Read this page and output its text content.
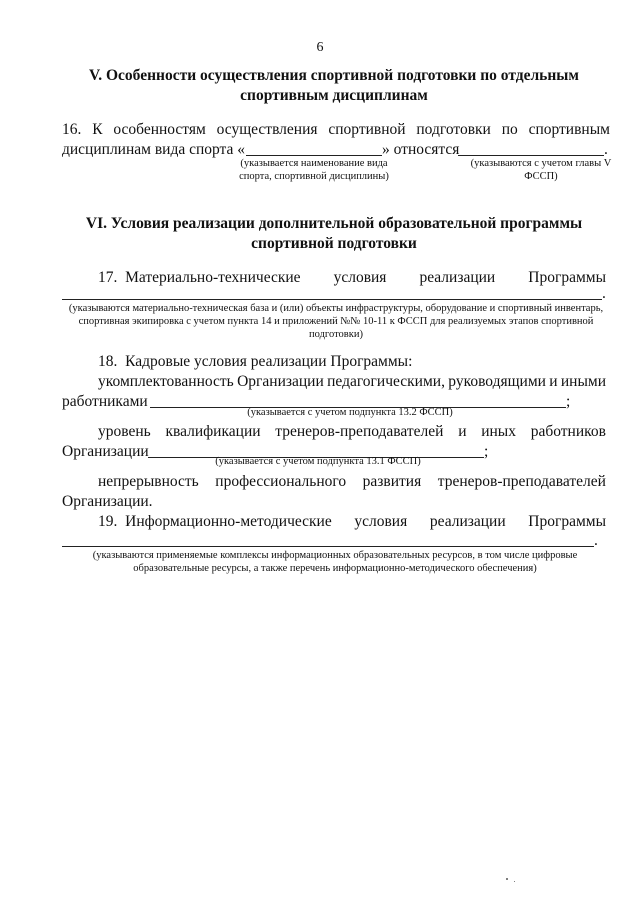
6
V. Особенности осуществления спортивной подготовки по отдельным
спортивным дисциплинам
16. К особенностям осуществления спортивной подготовки по спортивным
дисциплинам вида спорта «	» относятся	.
(указывается наименование вида спорта, спортивной дисциплины)
(указываются с учетом главы V ФССП)
VI. Условия реализации дополнительной образовательной программы
спортивной подготовки
17. Материально-технические условия реализации Программы
.
(указываются материально-техническая база и (или) объекты инфраструктуры, оборудование и спортивный инвентарь, спортивная экипировка с учетом пункта 14 и приложений №№ 10-11 к ФССП для реализуемых этапов спортивной подготовки)
18. Кадровые условия реализации Программы:
укомплектованность Организации педагогическими, руководящими и иными
работниками	;
(указывается с учетом подпункта 13.2 ФССП)
уровень квалификации тренеров-преподавателей и иных работников
Организации	;
(указывается с учетом подпункта 13.1 ФССП)
непрерывность профессионального развития тренеров-преподавателей
Организации.
19. Информационно-методические условия реализации Программы
.
(указываются применяемые комплексы информационных образовательных ресурсов, в том числе цифровые образовательные ресурсы, а также перечень информационно-методического обеспечения)
